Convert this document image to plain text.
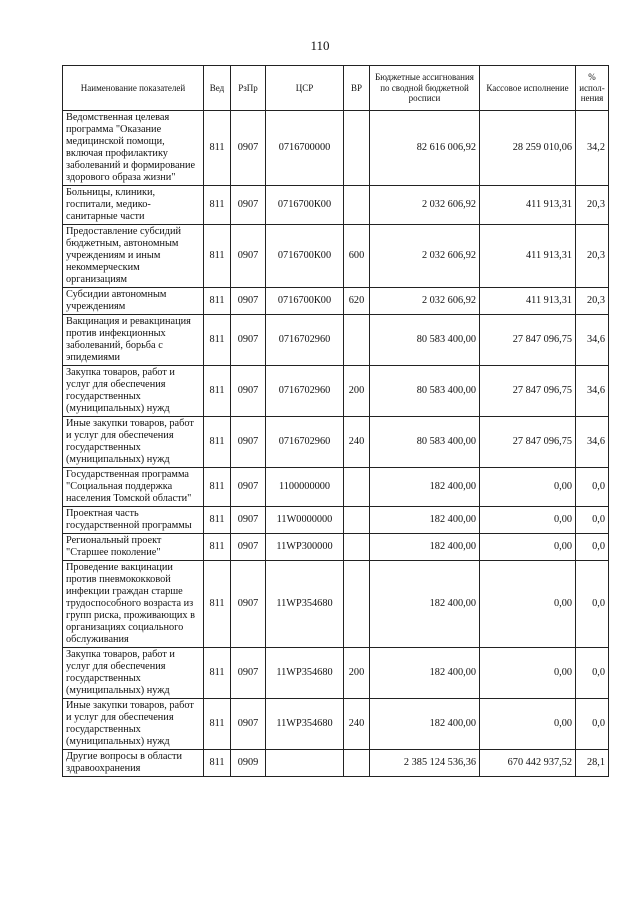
110
Наименование показателей	Вед	РзПр	ЦСР	ВР	Бюджетные ассигнования по сводной бюджетной росписи	Кассовое исполнение	% испол-нения
Ведомственная целевая программа "Оказание медицинской помощи, включая профилактику заболеваний и формирование здорового образа жизни"	811	0907	0716700000		82 616 006,92	28 259 010,06	34,2
Больницы, клиники, госпитали, медико-санитарные части	811	0907	0716700К00		2 032 606,92	411 913,31	20,3
Предоставление субсидий бюджетным, автономным учреждениям и иным некоммерческим организациям	811	0907	0716700К00	600	2 032 606,92	411 913,31	20,3
Субсидии автономным учреждениям	811	0907	0716700К00	620	2 032 606,92	411 913,31	20,3
Вакцинация и ревакцинация против инфекционных заболеваний, борьба с эпидемиями	811	0907	0716702960		80 583 400,00	27 847 096,75	34,6
Закупка товаров, работ и услуг для обеспечения государственных (муниципальных) нужд	811	0907	0716702960	200	80 583 400,00	27 847 096,75	34,6
Иные закупки товаров, работ и услуг для обеспечения государственных (муниципальных) нужд	811	0907	0716702960	240	80 583 400,00	27 847 096,75	34,6
Государственная программа "Социальная поддержка населения Томской области"	811	0907	1100000000		182 400,00	0,00	0,0
Проектная часть государственной программы	811	0907	11W0000000		182 400,00	0,00	0,0
Региональный проект "Старшее поколение"	811	0907	11WP300000		182 400,00	0,00	0,0
Проведение вакцинации против пневмококковой инфекции граждан старше трудоспособного возраста из групп риска, проживающих в организациях социального обслуживания	811	0907	11WP354680		182 400,00	0,00	0,0
Закупка товаров, работ и услуг для обеспечения государственных (муниципальных) нужд	811	0907	11WP354680	200	182 400,00	0,00	0,0
Иные закупки товаров, работ и услуг для обеспечения государственных (муниципальных) нужд	811	0907	11WP354680	240	182 400,00	0,00	0,0
Другие вопросы в области здравоохранения	811	0909			2 385 124 536,36	670 442 937,52	28,1
